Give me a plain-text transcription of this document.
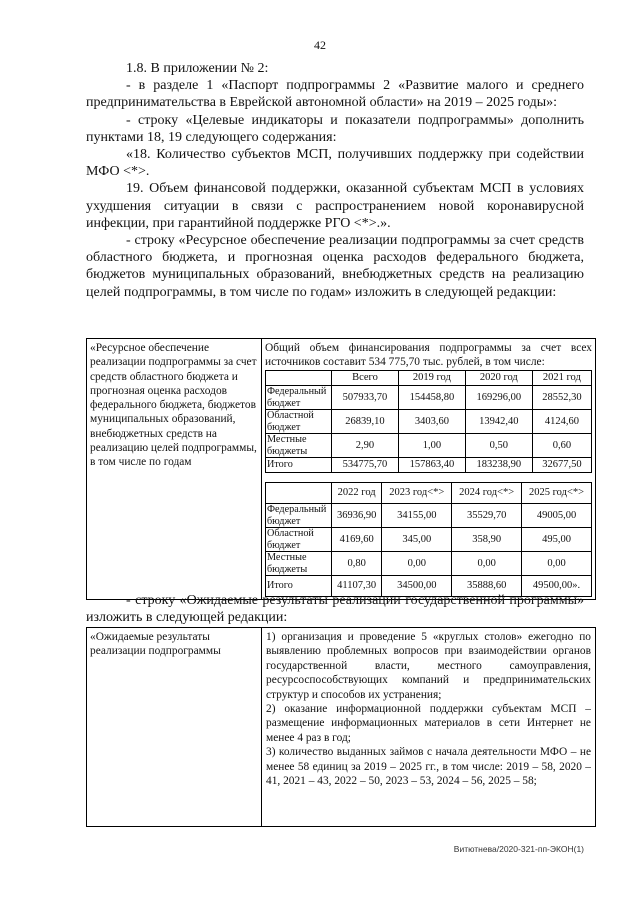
42

1.8. В приложении № 2:

- в разделе 1 «Паспорт подпрограммы 2 «Развитие малого и среднего предпринимательства в Еврейской автономной области» на 2019 – 2025 годы»:

- строку «Целевые индикаторы и показатели подпрограммы» дополнить пунктами 18, 19 следующего содержания:

«18. Количество субъектов МСП, получивших поддержку при содействии МФО <*>.

19. Объем финансовой поддержки, оказанной субъектам МСП в условиях ухудшения ситуации в связи с распространением новой коронавирусной инфекции, при гарантийной поддержке РГО <*>.».

- строку «Ресурсное обеспечение реализации подпрограммы за счет средств областного бюджета, и прогнозная оценка расходов федерального бюджета, бюджетов муниципальных образований, внебюджетных средств на реализацию целей подпрограммы, в том числе по годам» изложить в следующей редакции:

«Ресурсное обеспечение реализации подпрограммы за счет средств областного бюджета и прогнозная оценка расходов федерального бюджета, бюджетов муниципальных образований, внебюджетных средств на реализацию целей подпрограммы, в том числе по годам	

Общий объем финансирования подпрограммы за счет всех

источников составит 534 775,70 тыс. рублей, в том числе:

	Всего	2019 год	2020 год	2021 год
Федеральный бюджет	507933,70	154458,80	169296,00	28552,30
Областной бюджет	26839,10	3403,60	13942,40	4124,60
Местные бюджеты	2,90	1,00	0,50	0,60
Итого	534775,70	157863,40	183238,90	32677,50
	2022 год	2023 год<*>	2024 год<*>	2025 год<*>
Федеральный бюджет	36936,90	34155,00	35529,70	49005,00
Областной бюджет	4169,60	345,00	358,90	495,00
Местные бюджеты	0,80	0,00	0,00	0,00
Итого	41107,30	34500,00	35888,60	49500,00».

- строку «Ожидаемые результаты реализации государственной программы» изложить в следующей редакции:

«Ожидаемые результаты реализации подпрограммы	

1) организация и проведение 5 «круглых столов» ежегодно по выявлению проблемных вопросов при взаимодействии органов государственной власти, местного самоуправления, ресурсоспособствующих компаний и предпринимательских структур и способов их устранения;

2) оказание информационной поддержки субъектам МСП – размещение информационных материалов в сети Интернет не менее 4 раз в год;

3) количество выданных займов с начала деятельности МФО – не менее 58 единиц за 2019 – 2025 гг., в том числе: 2019 – 58, 2020 – 41, 2021 – 43, 2022 – 50, 2023 – 53, 2024 – 56, 2025 – 58;

Витютнева/2020-321-пп-ЭКОН(1)
